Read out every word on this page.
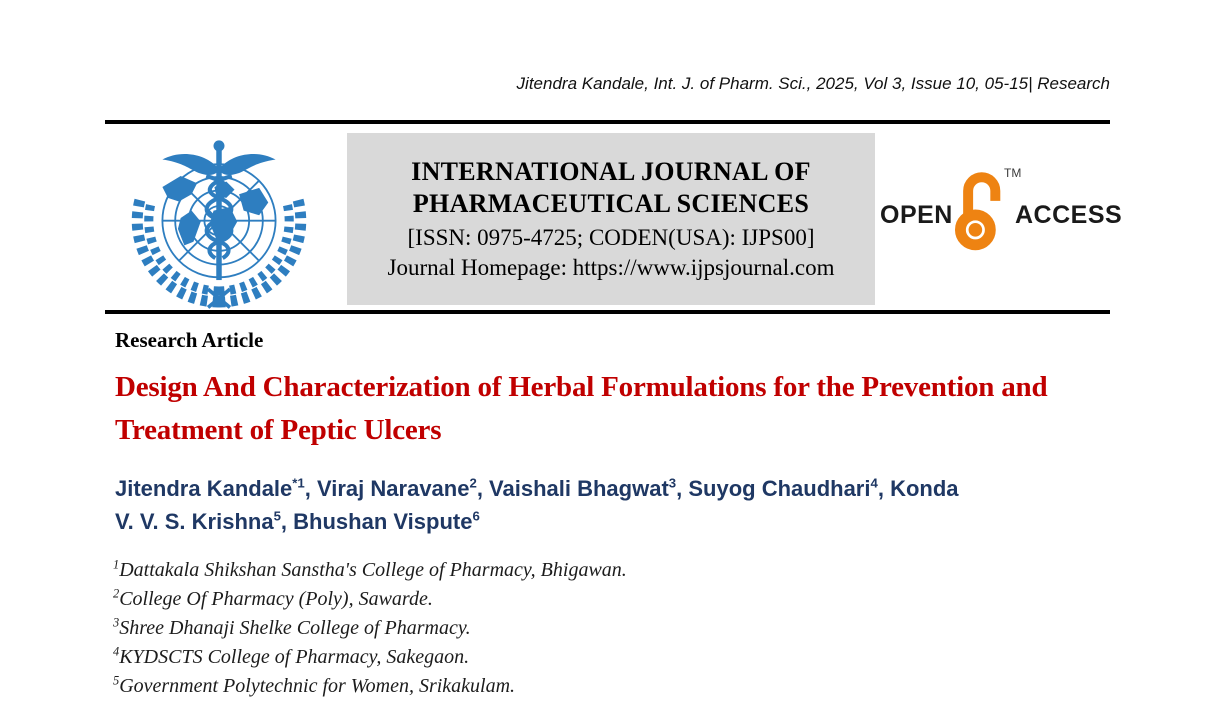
Jitendra Kandale, Int. J. of Pharm. Sci., 2025, Vol 3, Issue 10, 05-15| Research
INTERNATIONAL JOURNAL OF
PHARMACEUTICAL SCIENCES
[ISSN: 0975-4725; CODEN(USA): IJPS00]
Journal Homepage: https://www.ijpsjournal.com
OPEN
TM
ACCESS
Research Article
Design And Characterization of Herbal Formulations for the Prevention and Treatment of Peptic Ulcers
Jitendra Kandale$^{*1}$, Viraj Naravane$^2$, Vaishali Bhagwat$^3$, Suyog Chaudhari$^4$, Konda V. V. S. Krishna$^5$, Bhushan Vispute$^6$
$^1$Dattakala Shikshan Sanstha's College of Pharmacy, Bhigawan.
$^2$College Of Pharmacy (Poly), Sawarde.
$^3$Shree Dhanaji Shelke College of Pharmacy.
$^4$KYDSCTS College of Pharmacy, Sakegaon.
$^5$Government Polytechnic for Women, Srikakulam.
